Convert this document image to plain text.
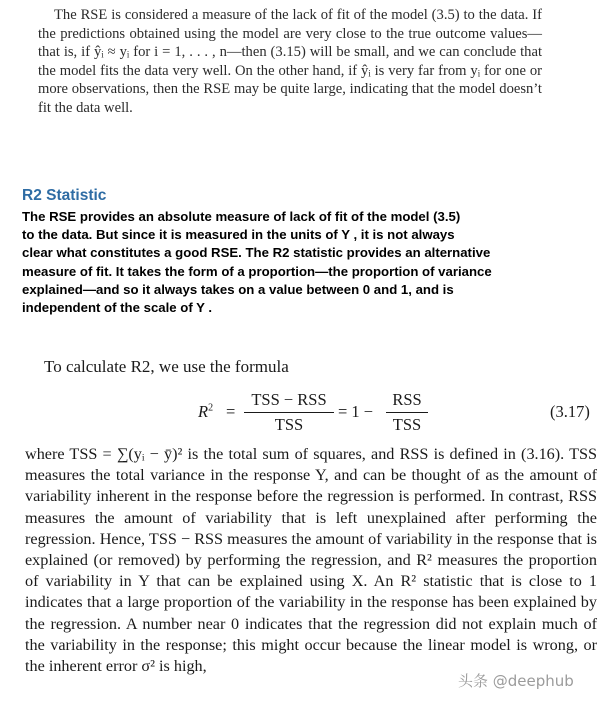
The RSE is considered a measure of the lack of fit of the model (3.5) to the data. If the predictions obtained using the model are very close to the true outcome values—that is, if ŷᵢ ≈ yᵢ for i = 1, . . . , n—then (3.15) will be small, and we can conclude that the model fits the data very well. On the other hand, if ŷᵢ is very far from yᵢ for one or more observations, then the RSE may be quite large, indicating that the model doesn’t fit the data well.

R2 Statistic
The RSE provides an absolute measure of lack of fit of the model (3.5)
to the data. But since it is measured in the units of Y , it is not always
clear what constitutes a good RSE. The R2 statistic provides an alternative
measure of fit. It takes the form of a proportion—the proportion of variance
explained—and so it always takes on a value between 0 and 1, and is
independent of the scale of Y .

To calculate R2, we use the formula

$R^2$ =
TSS − RSS
TSS
= 1 −
RSS
TSS
(3.17)

where TSS = ∑(yᵢ − ȳ)² is the total sum of squares, and RSS is defined in (3.16). TSS measures the total variance in the response Y, and can be thought of as the amount of variability inherent in the response before the regression is performed. In contrast, RSS measures the amount of variability that is left unexplained after performing the regression. Hence, TSS − RSS measures the amount of variability in the response that is explained (or removed) by performing the regression, and R² measures the proportion of variability in Y that can be explained using X. An R² statistic that is close to 1 indicates that a large proportion of the variability in the response has been explained by the regression. A number near 0 indicates that the regression did not explain much of the variability in the response; this might occur because the linear model is wrong, or the inherent error σ² is high,

头条 @deephub
